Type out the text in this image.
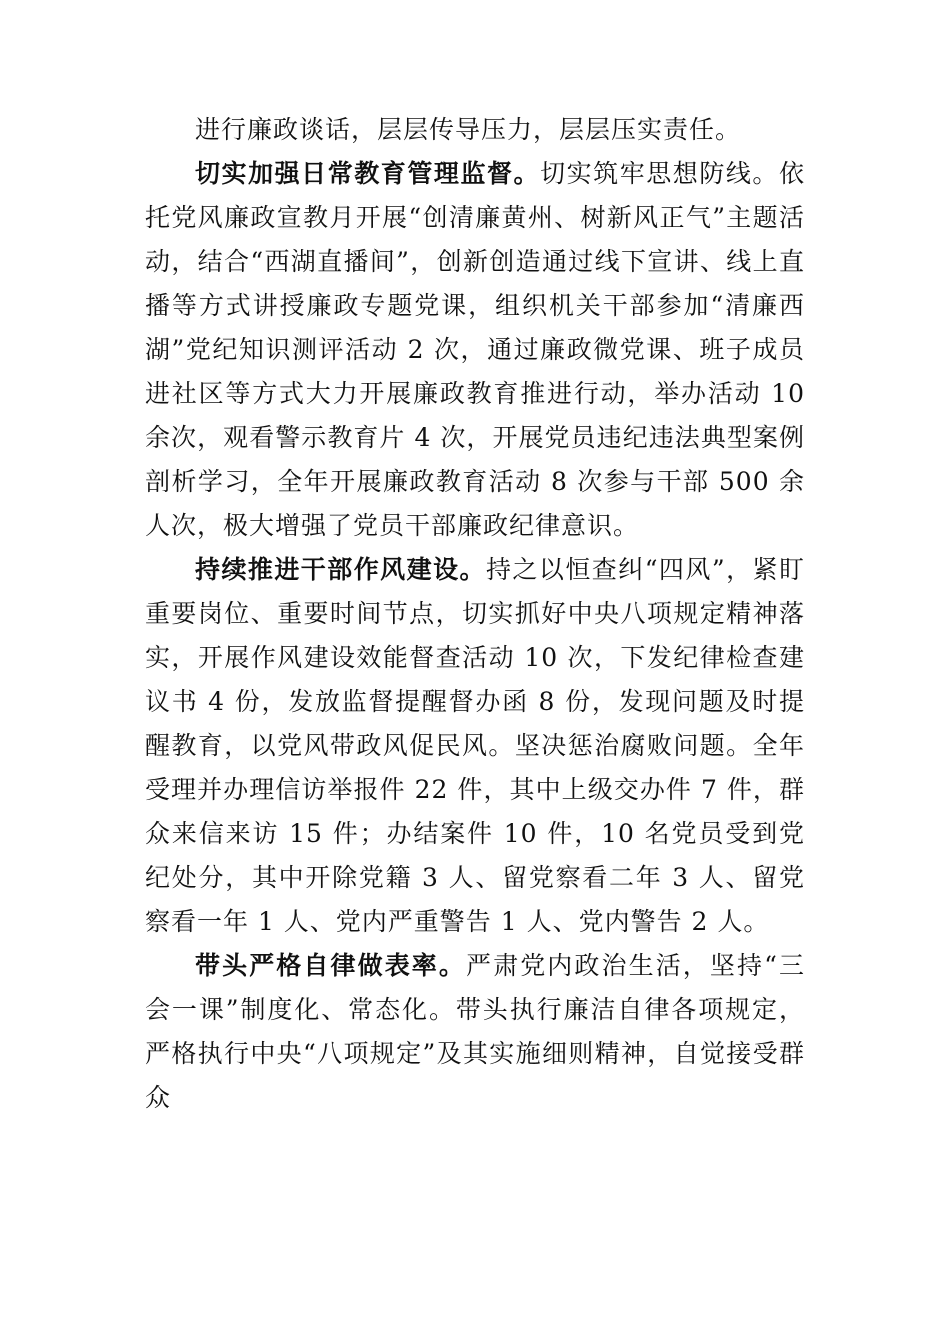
进行廉政谈话，层层传导压力，层层压实责任。

切实加强日常教育管理监督。切实筑牢思想防线。依托党风廉政宣教月开展“创清廉黄州、树新风正气”主题活动，结合“西湖直播间”，创新创造通过线下宣讲、线上直播等方式讲授廉政专题党课，组织机关干部参加“清廉西湖”党纪知识测评活动 2 次，通过廉政微党课、班子成员进社区等方式大力开展廉政教育推进行动，举办活动 10 余次，观看警示教育片 4 次，开展党员违纪违法典型案例剖析学习，全年开展廉政教育活动 8 次参与干部 500 余人次，极大增强了党员干部廉政纪律意识。

持续推进干部作风建设。持之以恒查纠“四风”，紧盯重要岗位、重要时间节点，切实抓好中央八项规定精神落实，开展作风建设效能督查活动 10 次，下发纪律检查建议书 4 份，发放监督提醒督办函 8 份，发现问题及时提醒教育，以党风带政风促民风。坚决惩治腐败问题。全年受理并办理信访举报件 22 件，其中上级交办件 7 件，群众来信来访 15 件；办结案件 10 件，10 名党员受到党纪处分，其中开除党籍 3 人、留党察看二年 3 人、留党察看一年 1 人、党内严重警告 1 人、党内警告 2 人。

带头严格自律做表率。严肃党内政治生活，坚持“三会一课”制度化、常态化。带头执行廉洁自律各项规定，严格执行中央“八项规定”及其实施细则精神，自觉接受群众
